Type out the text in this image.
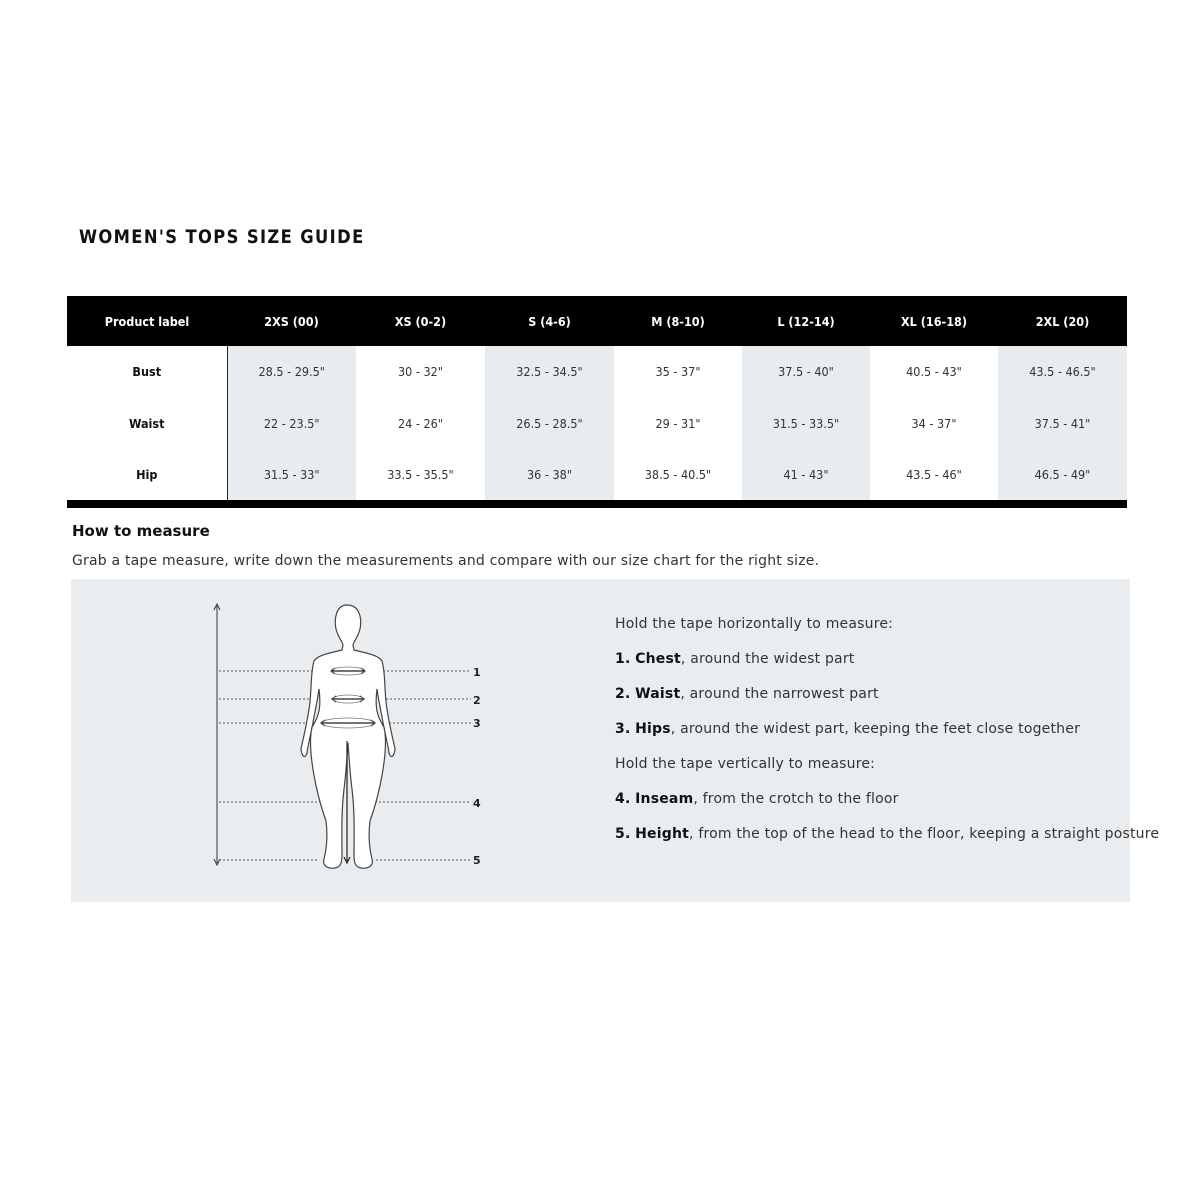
WOMEN'S TOPS SIZE GUIDE
Product label	2XS (00)	XS (0-2)	S (4-6)	M (8-10)	L (12-14)	XL (16-18)	2XL (20)
Bust	28.5 - 29.5"	30 - 32"	32.5 - 34.5"	35 - 37"	37.5 - 40"	40.5 - 43"	43.5 - 46.5"
Waist	22 - 23.5"	24 - 26"	26.5 - 28.5"	29 - 31"	31.5 - 33.5"	34 - 37"	37.5 - 41"
Hip	31.5 - 33"	33.5 - 35.5"	36 - 38"	38.5 - 40.5"	41 - 43"	43.5 - 46"	46.5 - 49"
How to measure
Grab a tape measure, write down the measurements and compare with our size chart for the right size.
1
2
3
4
5
Hold the tape horizontally to measure:
1. Chest, around the widest part
2. Waist, around the narrowest part
3. Hips, around the widest part, keeping the feet close together
Hold the tape vertically to measure:
4. Inseam, from the crotch to the floor
5. Height, from the top of the head to the floor, keeping a straight posture
